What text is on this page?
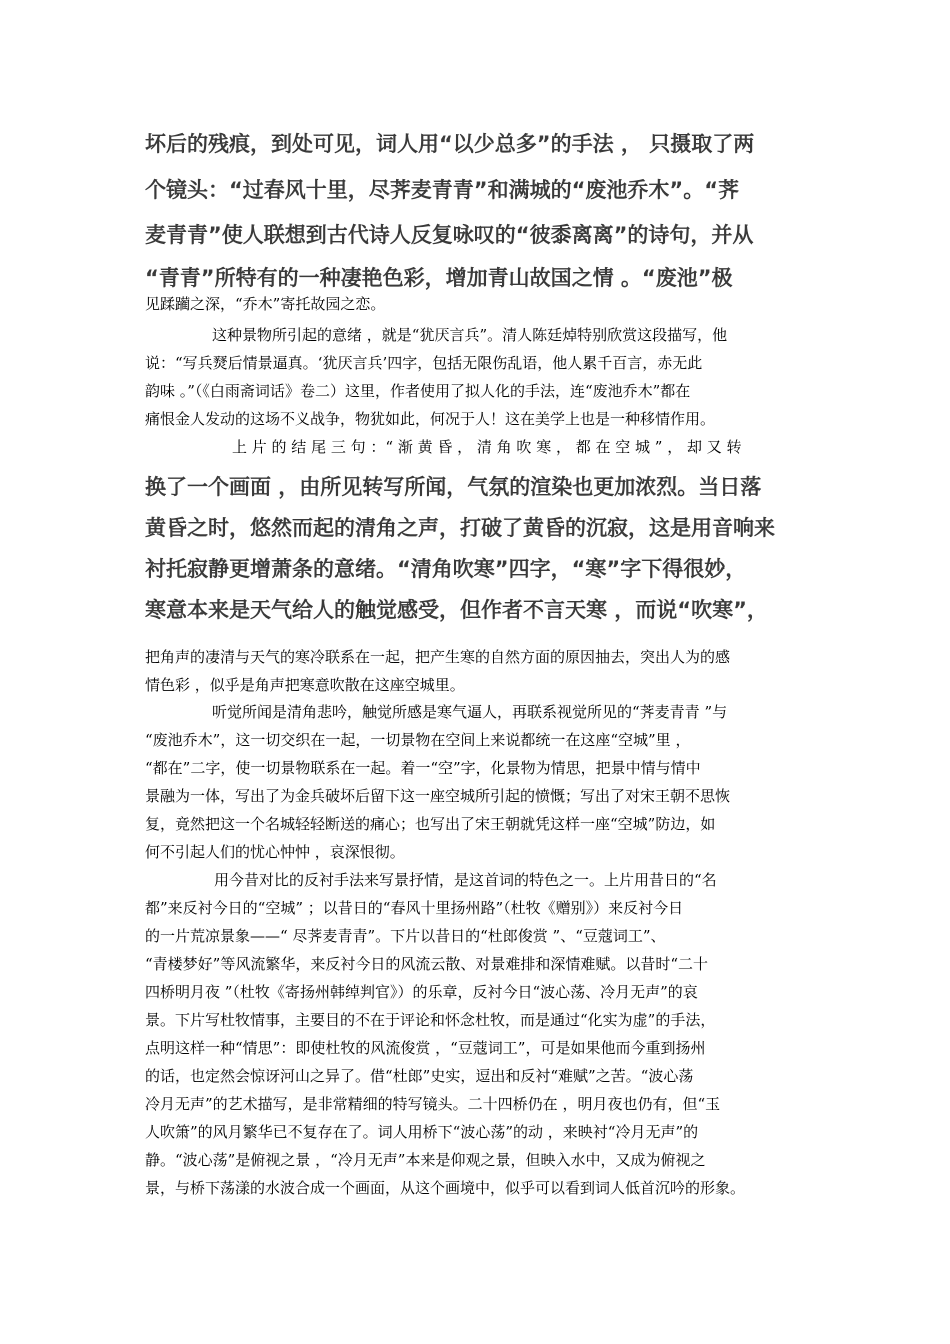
坏后的残痕，到处可见，词人用“以少总多”的手法 ， 只摄取了两
个镜头：“过春风十里，尽荠麦青青”和满城的“废池乔木”。“荠
麦青青”使人联想到古代诗人反复咏叹的“彼黍离离”的诗句，并从
“青青”所特有的一种凄艳色彩，增加青山故国之情 。“废池”极
见蹂躏之深，“乔木”寄托故园之恋。
这种景物所引起的意绪 ，就是“犹厌言兵”。清人陈廷焯特别欣赏这段描写，他
说：“写兵燹后情景逼真。‘犹厌言兵’四字，包括无限伤乱语，他人累千百言，赤无此
韵味 。”（《白雨斋词话》卷二）这里，作者使用了拟人化的手法，连“废池乔木”都在
痛恨金人发动的这场不义战争，物犹如此，何况于人！这在美学上也是一种移情作用。
上 片 的 结 尾 三 句 ：“ 渐 黄 昏 ， 清 角 吹 寒 ， 都 在 空 城 ” ， 却 又 转
换了一个画面 ，由所见转写所闻，气氛的渲染也更加浓烈。当日落
黄昏之时，悠然而起的清角之声，打破了黄昏的沉寂，这是用音响来
衬托寂静更增萧条的意绪。“清角吹寒”四字，“寒”字下得很妙，
寒意本来是天气给人的触觉感受，但作者不言天寒 ，而说“吹寒”，
把角声的凄清与天气的寒冷联系在一起，把产生寒的自然方面的原因抽去，突出人为的感
情色彩 ，似乎是角声把寒意吹散在这座空城里。
听觉所闻是清角悲吟，触觉所感是寒气逼人，再联系视觉所见的“荠麦青青 ”与
“废池乔木”，这一切交织在一起，一切景物在空间上来说都统一在这座“空城”里 ，
“都在”二字，使一切景物联系在一起。着一“空”字，化景物为情思，把景中情与情中
景融为一体，写出了为金兵破坏后留下这一座空城所引起的愤慨；写出了对宋王朝不思恢
复，竟然把这一个名城轻轻断送的痛心；也写出了宋王朝就凭这样一座“空城”防边，如
何不引起人们的忧心忡忡 ，哀深恨彻。
用今昔对比的反衬手法来写景抒情，是这首词的特色之一。上片用昔日的“名
都”来反衬今日的“空城” ；以昔日的“春风十里扬州路”（杜牧《赠别》）来反衬今日
的一片荒凉景象——“ 尽荠麦青青”。下片以昔日的“杜郎俊赏 ”、“豆蔻词工”、
“青楼梦好”等风流繁华，来反衬今日的风流云散、对景难排和深情难赋。以昔时“二十
四桥明月夜 ”（杜牧《寄扬州韩绰判官》）的乐章，反衬今日“波心荡、冷月无声”的哀
景。下片写杜牧情事，主要目的不在于评论和怀念杜牧，而是通过“化实为虚”的手法，
点明这样一种“情思”：即使杜牧的风流俊赏 ，“豆蔻词工”，可是如果他而今重到扬州
的话，也定然会惊讶河山之异了。借“杜郎”史实，逗出和反衬“难赋”之苦。“波心荡
冷月无声”的艺术描写，是非常精细的特写镜头。二十四桥仍在 ，明月夜也仍有，但“玉
人吹箫”的风月繁华已不复存在了。词人用桥下“波心荡”的动 ，来映衬“冷月无声”的
静。“波心荡”是俯视之景 ，“冷月无声”本来是仰观之景，但映入水中，又成为俯视之
景，与桥下荡漾的水波合成一个画面，从这个画境中，似乎可以看到词人低首沉吟的形象。
